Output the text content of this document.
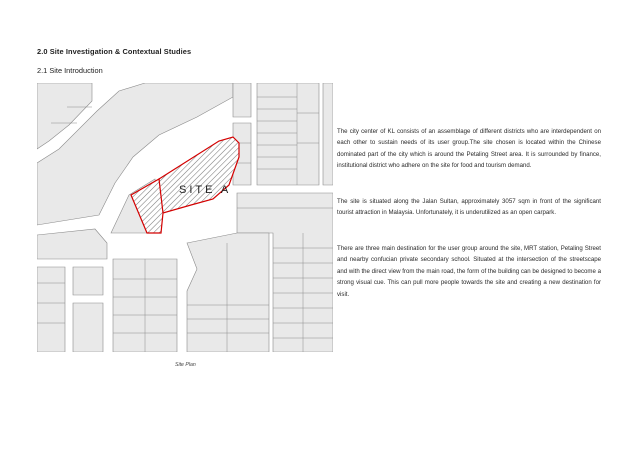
2.0 Site Investigation & Contextual Studies
2.1 Site Introduction
SITE A
Site Plan

The city center of KL consists of an assemblage of different districts who are interdependent on each other to sustain needs of its user group.The site chosen is located within the Chinese dominated part of the city which is around the Petaling Street area. It is surrounded by finance, institutional district who adhere on the site for food and tourism demand.

The site is situated along the Jalan Sultan, approximately 3057 sqm in front of the significant tourist attraction in Malaysia. Unfortunately, it is underutilized as an open carpark.

There are three main destination for the user group around the site, MRT station, Petaling Street and nearby confucian private secondary school. Situated at the intersection of the streetscape and with the direct view from the main road, the form of the building can be designed to become a strong visual cue. This can pull more people towards the site and creating a new destination for visit.
